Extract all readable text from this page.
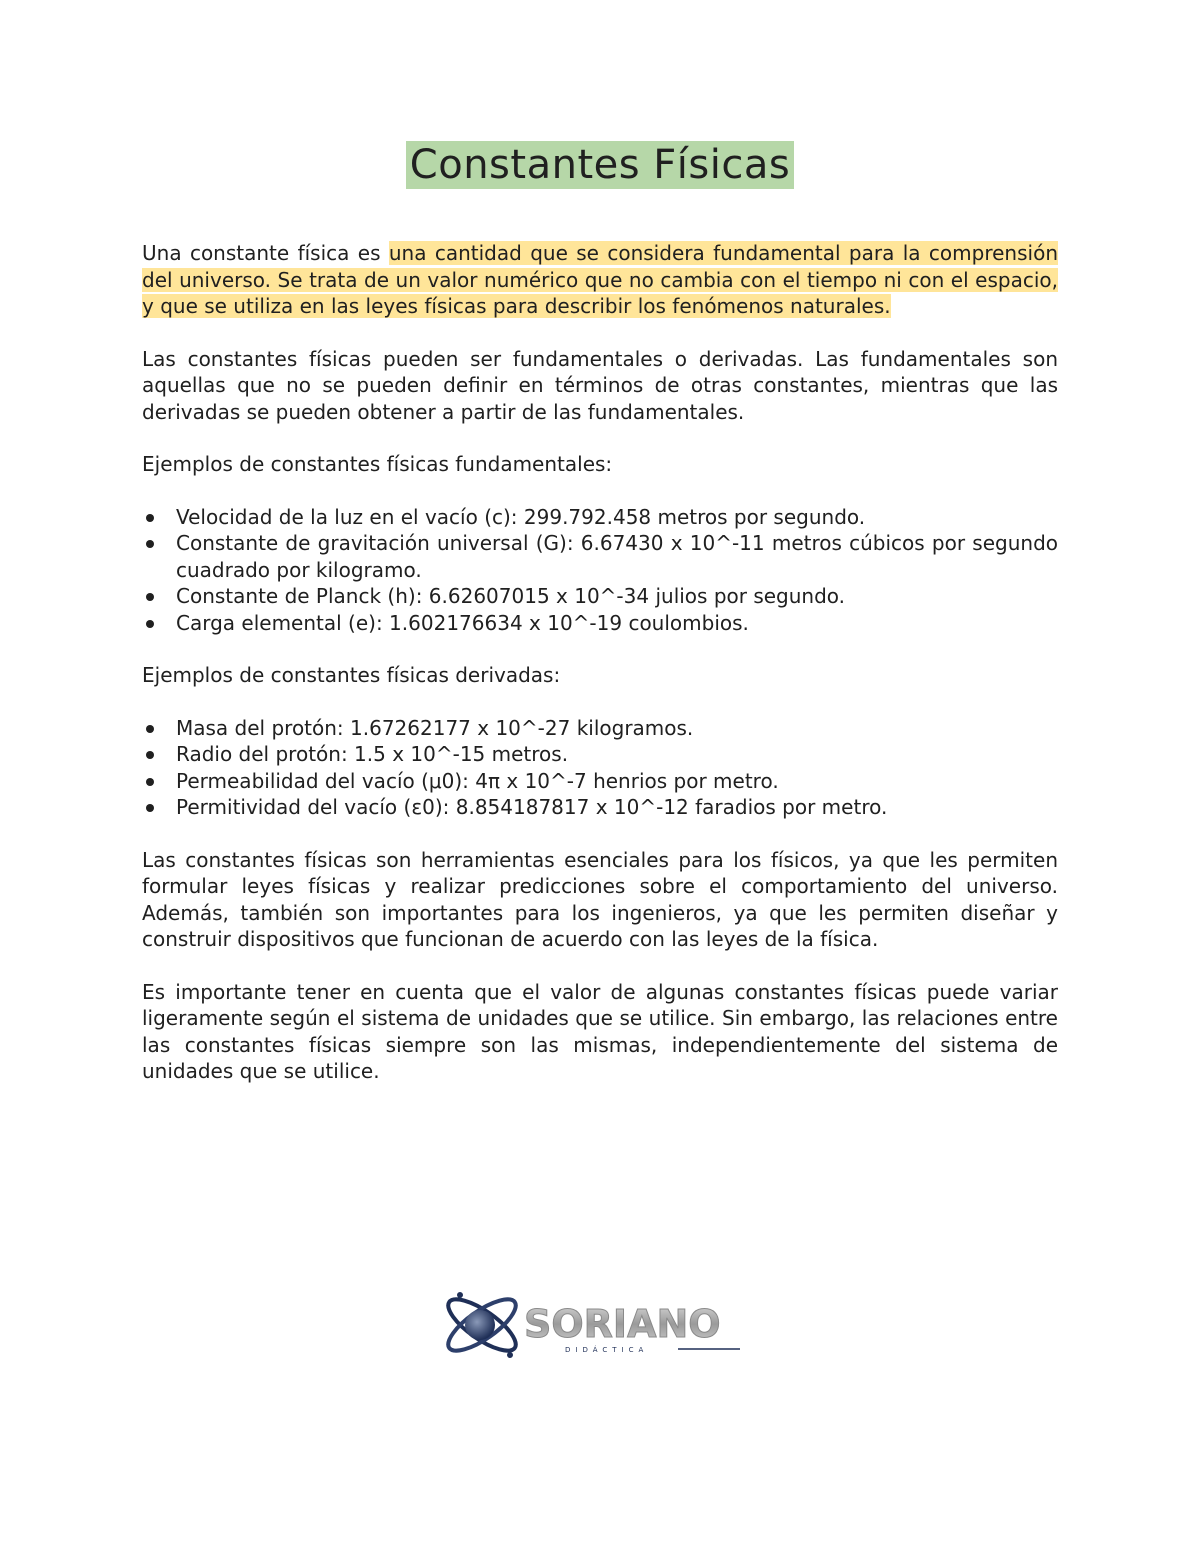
Constantes Físicas

Una constante física es una cantidad que se considera fundamental para la comprensión del universo. Se trata de un valor numérico que no cambia con el tiempo ni con el espacio, y que se utiliza en las leyes físicas para describir los fenómenos naturales.

Las constantes físicas pueden ser fundamentales o derivadas. Las fundamentales son aquellas que no se pueden definir en términos de otras constantes, mientras que las derivadas se pueden obtener a partir de las fundamentales.

Ejemplos de constantes físicas fundamentales:

Velocidad de la luz en el vacío (c): 299.792.458 metros por segundo.
Constante de gravitación universal (G): 6.67430 x 10^-11 metros cúbicos por segundo cuadrado por kilogramo.
Constante de Planck (h): 6.62607015 x 10^-34 julios por segundo.
Carga elemental (e): 1.602176634 x 10^-19 coulombios.

Ejemplos de constantes físicas derivadas:

Masa del protón: 1.67262177 x 10^-27 kilogramos.
Radio del protón: 1.5 x 10^-15 metros.
Permeabilidad del vacío (μ0): 4π x 10^-7 henrios por metro.
Permitividad del vacío (ε0): 8.854187817 x 10^-12 faradios por metro.

Las constantes físicas son herramientas esenciales para los físicos, ya que les permiten formular leyes físicas y realizar predicciones sobre el comportamiento del universo. Además, también son importantes para los ingenieros, ya que les permiten diseñar y construir dispositivos que funcionan de acuerdo con las leyes de la física.

Es importante tener en cuenta que el valor de algunas constantes físicas puede variar ligeramente según el sistema de unidades que se utilice. Sin embargo, las relaciones entre las constantes físicas siempre son las mismas, independientemente del sistema de unidades que se utilice.

SORIANO
DIDÁCTICA
